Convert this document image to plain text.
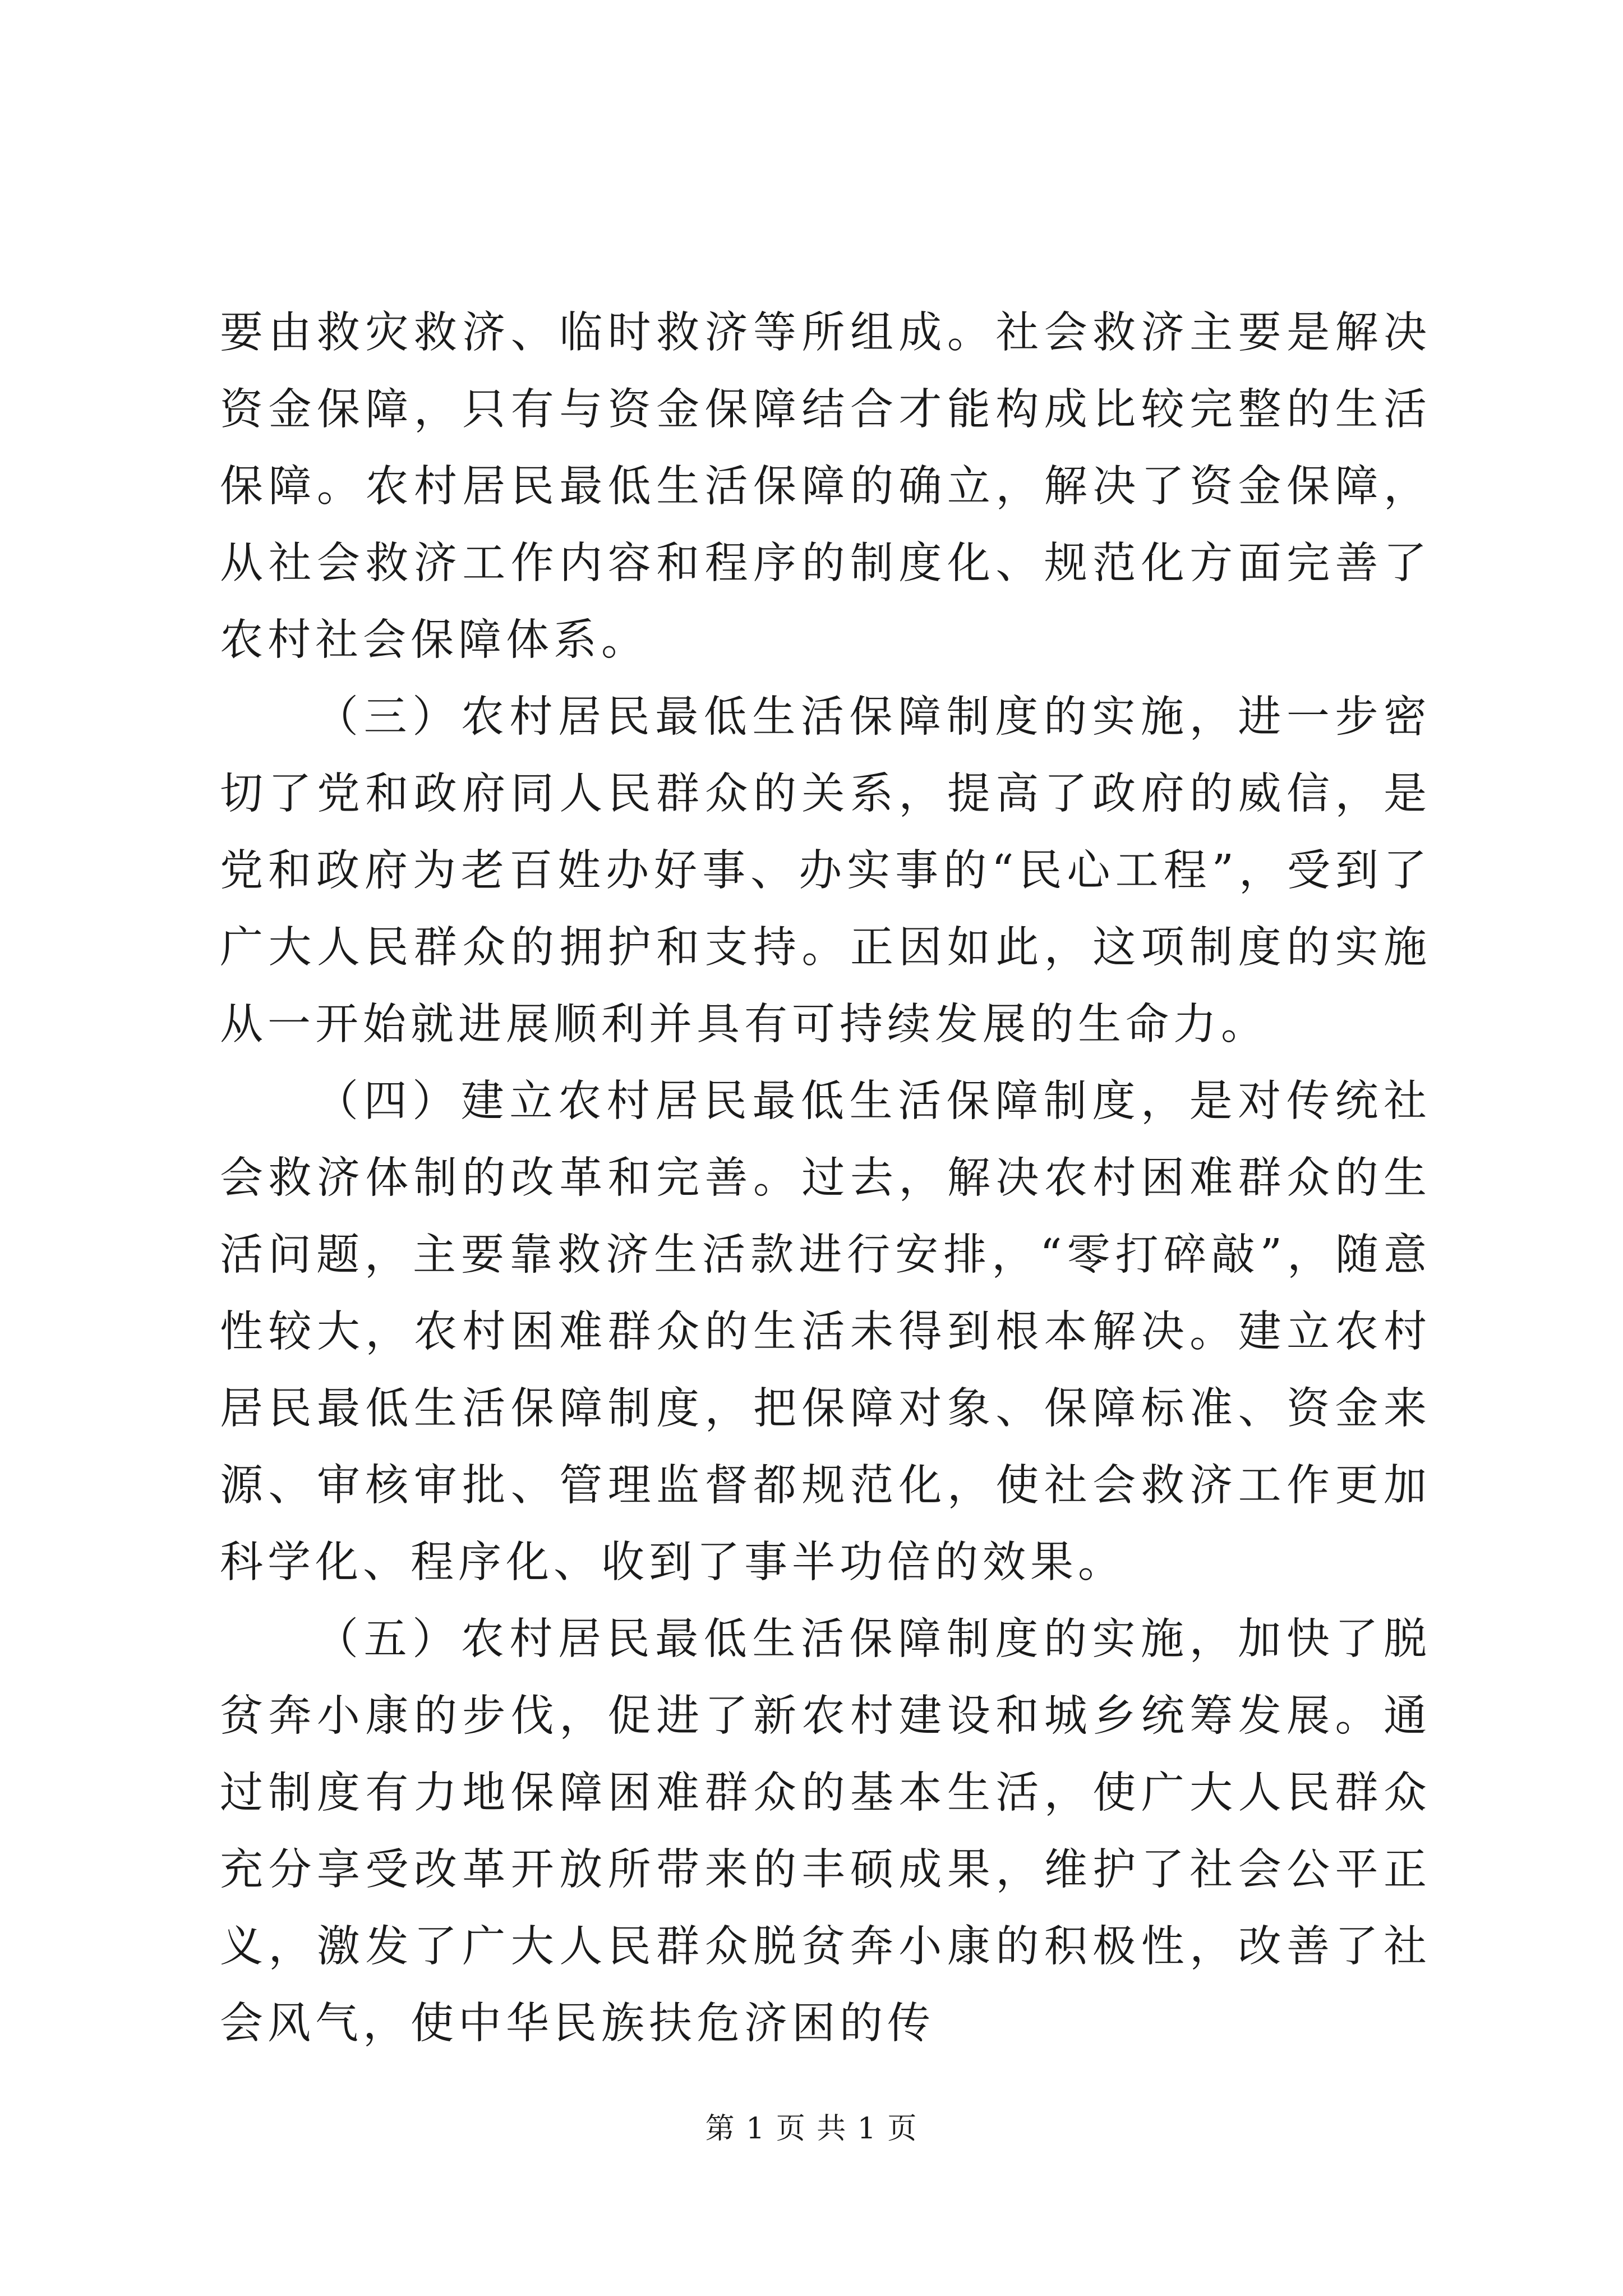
要由救灾救济、临时救济等所组成。社会救济主要是解决资金保障，只有与资金保障结合才能构成比较完整的生活保障。农村居民最低生活保障的确立，解决了资金保障，从社会救济工作内容和程序的制度化、规范化方面完善了农村社会保障体系。

（三）农村居民最低生活保障制度的实施，进一步密切了党和政府同人民群众的关系，提高了政府的威信，是党和政府为老百姓办好事、办实事的“民心工程”，受到了广大人民群众的拥护和支持。正因如此，这项制度的实施从一开始就进展顺利并具有可持续发展的生命力。

（四）建立农村居民最低生活保障制度，是对传统社会救济体制的改革和完善。过去，解决农村困难群众的生活问题，主要靠救济生活款进行安排，“零打碎敲”，随意性较大，农村困难群众的生活未得到根本解决。建立农村居民最低生活保障制度，把保障对象、保障标准、资金来源、审核审批、管理监督都规范化，使社会救济工作更加科学化、程序化、收到了事半功倍的效果。

（五）农村居民最低生活保障制度的实施，加快了脱贫奔小康的步伐，促进了新农村建设和城乡统筹发展。通过制度有力地保障困难群众的基本生活，使广大人民群众充分享受改革开放所带来的丰硕成果，维护了社会公平正义，激发了广大人民群众脱贫奔小康的积极性，改善了社会风气，使中华民族扶危济困的传

第 1 页 共 1 页
